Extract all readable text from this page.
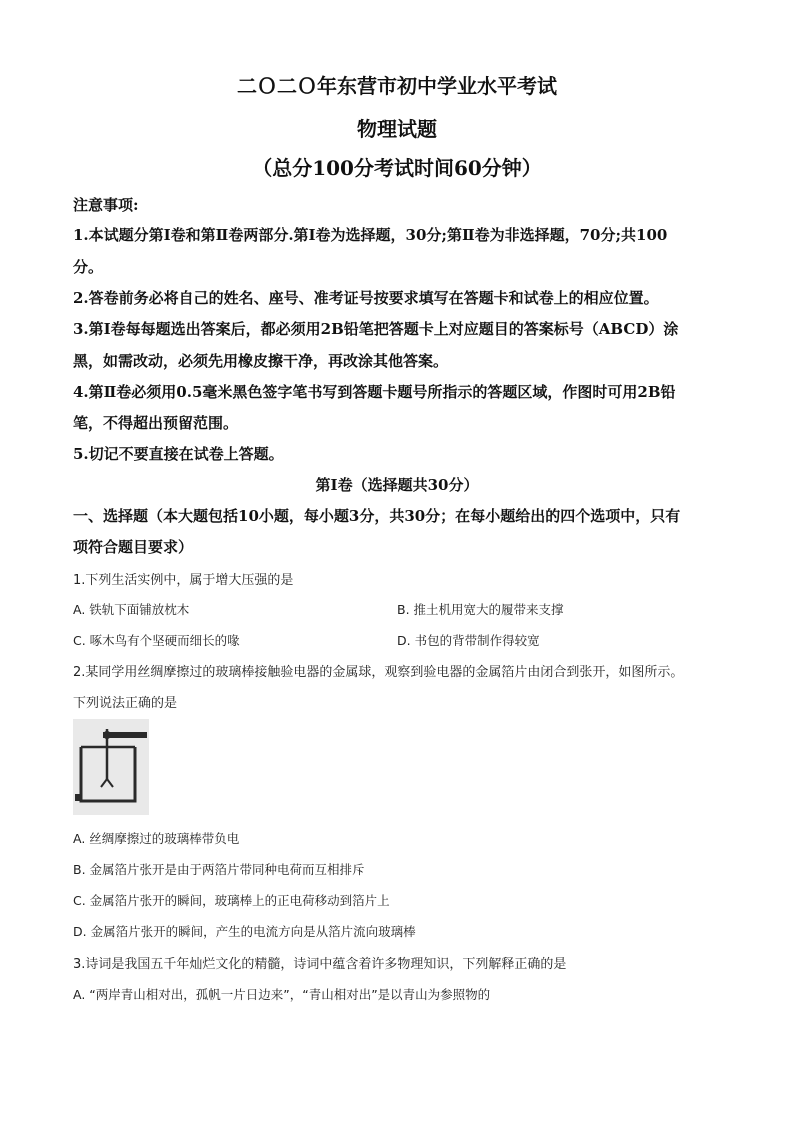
二Ｏ二Ｏ年东营市初中学业水平考试
物理试题
（总分100分考试时间60分钟）
注意事项:
1.本试题分第Ⅰ卷和第Ⅱ卷两部分.第Ⅰ卷为选择题，30分;第Ⅱ卷为非选择题，70分;共100
分。
2.答卷前务必将自己的姓名、座号、准考证号按要求填写在答题卡和试卷上的相应位置。
3.第Ⅰ卷每每题选出答案后，都必须用2B铅笔把答题卡上对应题目的答案标号（ABCD）涂
黑，如需改动，必须先用橡皮擦干净，再改涂其他答案。
4.第Ⅱ卷必须用0.5毫米黑色签字笔书写到答题卡题号所指示的答题区域，作图时可用2B铅
笔，不得超出预留范围。
5.切记不要直接在试卷上答题。
第Ⅰ卷（选择题共30分）
一、选择题（本大题包括10小题，每小题3分，共30分；在每小题给出的四个选项中，只有
项符合题目要求）
1.下列生活实例中，属于增大压强的是
A. 铁轨下面铺放枕木	B. 推土机用宽大的履带来支撑
C. 啄木鸟有个坚硬而细长的喙	D. 书包的背带制作得较宽
2.某同学用丝绸摩擦过的玻璃棒接触验电器的金属球，观察到验电器的金属箔片由闭合到张开，如图所示。
下列说法正确的是
A. 丝绸摩擦过的玻璃棒带负电
B. 金属箔片张开是由于两箔片带同种电荷而互相排斥
C. 金属箔片张开的瞬间，玻璃棒上的正电荷移动到箔片上
D. 金属箔片张开的瞬间，产生的电流方向是从箔片流向玻璃棒
3.诗词是我国五千年灿烂文化的精髓，诗词中蕴含着许多物理知识，下列解释正确的是
A. “两岸青山相对出，孤帆一片日边来”，“青山相对出”是以青山为参照物的
